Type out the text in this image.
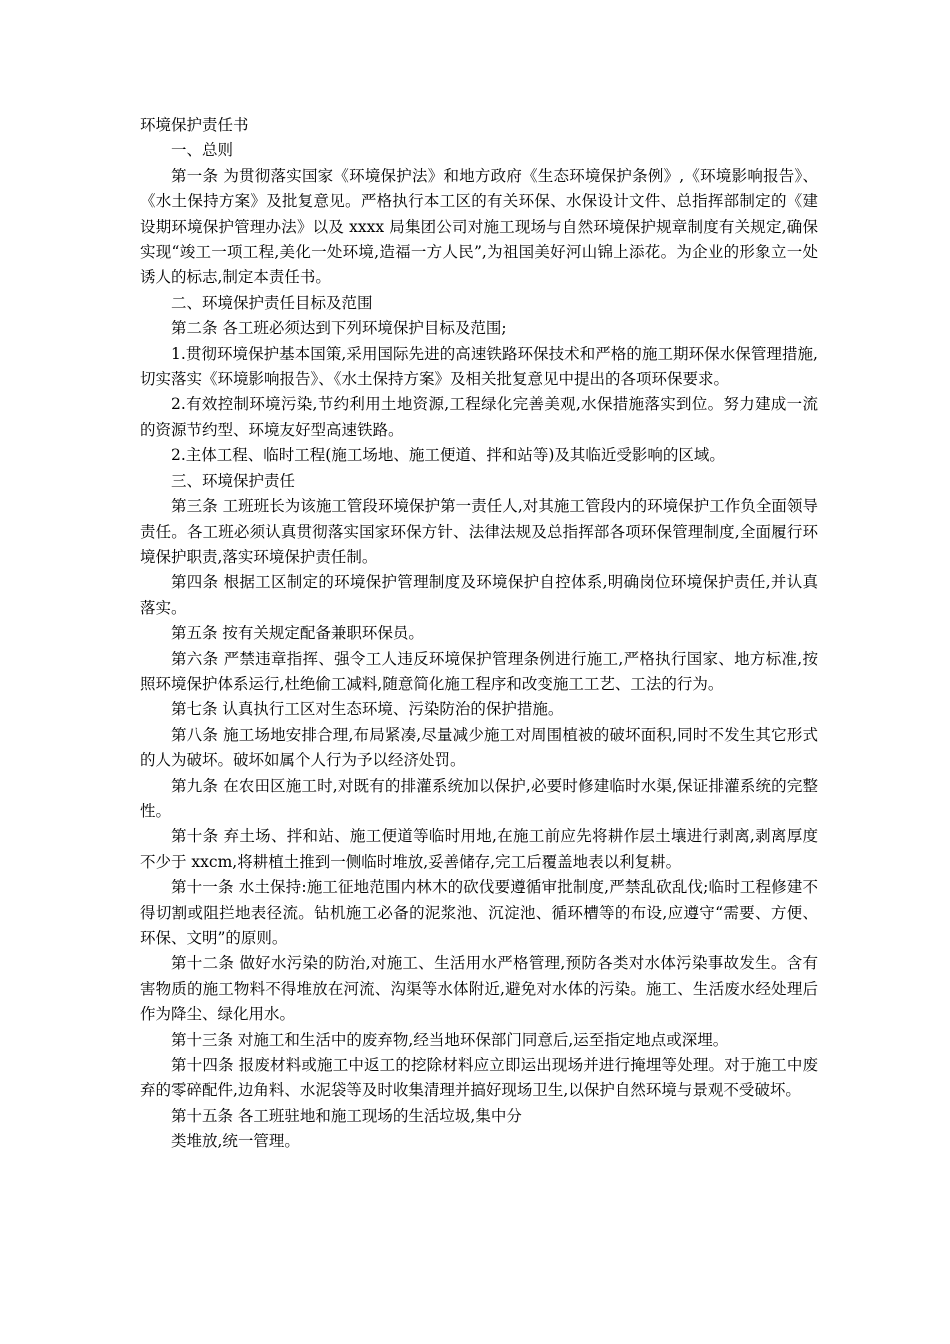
环境保护责任书

一、总则

第一条 为贯彻落实国家《环境保护法》和地方政府《生态环境保护条例》,《环境影响报告》、《水土保持方案》及批复意见。严格执行本工区的有关环保、水保设计文件、总指挥部制定的《建设期环境保护管理办法》以及 xxxx 局集团公司对施工现场与自然环境保护规章制度有关规定,确保实现“竣工一项工程,美化一处环境,造福一方人民”,为祖国美好河山锦上添花。为企业的形象立一处诱人的标志,制定本责任书。

二、环境保护责任目标及范围

第二条 各工班必须达到下列环境保护目标及范围;

1.贯彻环境保护基本国策,采用国际先进的高速铁路环保技术和严格的施工期环保水保管理措施,切实落实《环境影响报告》、《水土保持方案》及相关批复意见中提出的各项环保要求。

2.有效控制环境污染,节约利用土地资源,工程绿化完善美观,水保措施落实到位。努力建成一流的资源节约型、环境友好型高速铁路。

2.主体工程、临时工程(施工场地、施工便道、拌和站等)及其临近受影响的区域。

三、环境保护责任

第三条 工班班长为该施工管段环境保护第一责任人,对其施工管段内的环境保护工作负全面领导责任。各工班必须认真贯彻落实国家环保方针、法律法规及总指挥部各项环保管理制度,全面履行环境保护职责,落实环境保护责任制。

第四条 根据工区制定的环境保护管理制度及环境保护自控体系,明确岗位环境保护责任,并认真落实。

第五条 按有关规定配备兼职环保员。

第六条 严禁违章指挥、强令工人违反环境保护管理条例进行施工,严格执行国家、地方标准,按照环境保护体系运行,杜绝偷工减料,随意简化施工程序和改变施工工艺、工法的行为。

第七条 认真执行工区对生态环境、污染防治的保护措施。

第八条 施工场地安排合理,布局紧凑,尽量减少施工对周围植被的破坏面积,同时不发生其它形式的人为破坏。破坏如属个人行为予以经济处罚。

第九条 在农田区施工时,对既有的排灌系统加以保护,必要时修建临时水渠,保证排灌系统的完整性。

第十条 弃土场、拌和站、施工便道等临时用地,在施工前应先将耕作层土壤进行剥离,剥离厚度不少于 xxcm,将耕植土推到一侧临时堆放,妥善储存,完工后覆盖地表以利复耕。

第十一条 水土保持:施工征地范围内林木的砍伐要遵循审批制度,严禁乱砍乱伐;临时工程修建不得切割或阻拦地表径流。钻机施工必备的泥浆池、沉淀池、循环槽等的布设,应遵守“需要、方便、环保、文明”的原则。

第十二条 做好水污染的防治,对施工、生活用水严格管理,预防各类对水体污染事故发生。含有害物质的施工物料不得堆放在河流、沟渠等水体附近,避免对水体的污染。施工、生活废水经处理后作为降尘、绿化用水。

第十三条 对施工和生活中的废弃物,经当地环保部门同意后,运至指定地点或深埋。

第十四条 报废材料或施工中返工的挖除材料应立即运出现场并进行掩埋等处理。对于施工中废弃的零碎配件,边角料、水泥袋等及时收集清理并搞好现场卫生,以保护自然环境与景观不受破坏。

第十五条 各工班驻地和施工现场的生活垃圾,集中分

类堆放,统一管理。
